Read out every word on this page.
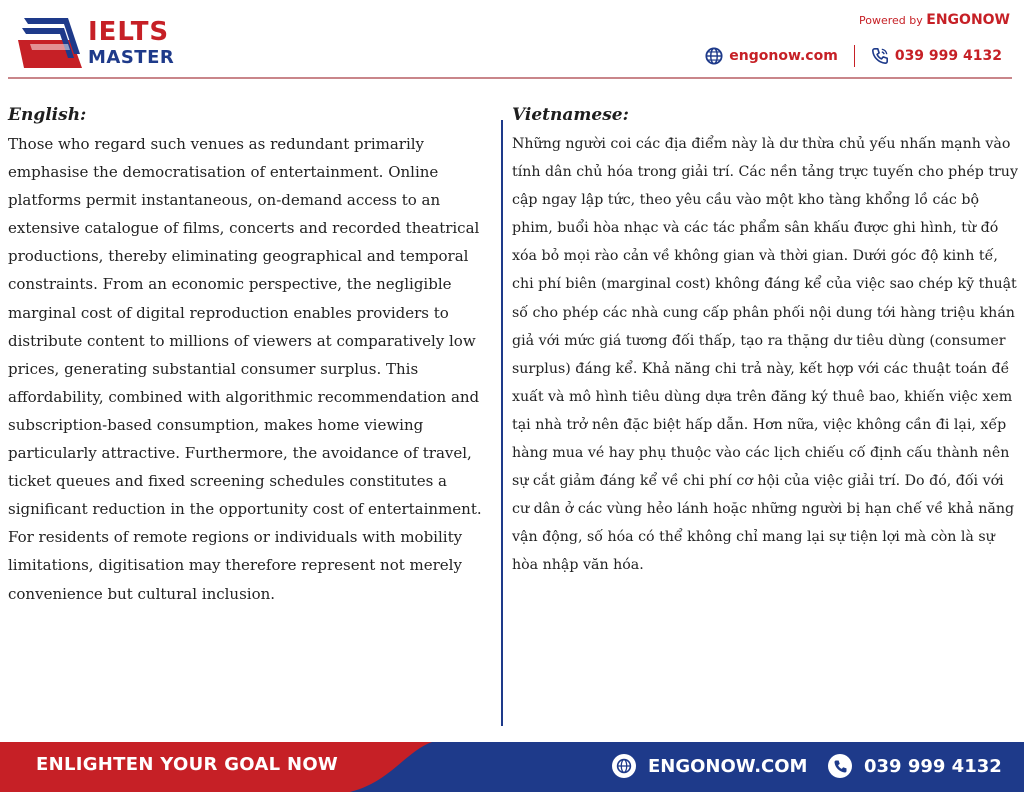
IELTS
MASTER
Powered by ENGONOW
engonow.com	039 999 4132
English:
Those who regard such venues as redundant primarily emphasise the democratisation of entertainment. Online platforms permit instantaneous, on-demand access to an extensive catalogue of films, concerts and recorded theatrical productions, thereby eliminating geographical and temporal constraints. From an economic perspective, the negligible marginal cost of digital reproduction enables providers to distribute content to millions of viewers at comparatively low prices, generating substantial consumer surplus. This affordability, combined with algorithmic recommendation and subscription-based consumption, makes home viewing particularly attractive. Furthermore, the avoidance of travel, ticket queues and fixed screening schedules constitutes a significant reduction in the opportunity cost of entertainment. For residents of remote regions or individuals with mobility limitations, digitisation may therefore represent not merely convenience but cultural inclusion.
Vietnamese:
Những người coi các địa điểm này là dư thừa chủ yếu nhấn mạnh vào tính dân chủ hóa trong giải trí. Các nền tảng trực tuyến cho phép truy cập ngay lập tức, theo yêu cầu vào một kho tàng khổng lồ các bộ phim, buổi hòa nhạc và các tác phẩm sân khấu được ghi hình, từ đó xóa bỏ mọi rào cản về không gian và thời gian. Dưới góc độ kinh tế, chi phí biên (marginal cost) không đáng kể của việc sao chép kỹ thuật số cho phép các nhà cung cấp phân phối nội dung tới hàng triệu khán giả với mức giá tương đối thấp, tạo ra thặng dư tiêu dùng (consumer surplus) đáng kể. Khả năng chi trả này, kết hợp với các thuật toán đề xuất và mô hình tiêu dùng dựa trên đăng ký thuê bao, khiến việc xem tại nhà trở nên đặc biệt hấp dẫn. Hơn nữa, việc không cần đi lại, xếp hàng mua vé hay phụ thuộc vào các lịch chiếu cố định cấu thành nên sự cắt giảm đáng kể về chi phí cơ hội của việc giải trí. Do đó, đối với cư dân ở các vùng hẻo lánh hoặc những người bị hạn chế về khả năng vận động, số hóa có thể không chỉ mang lại sự tiện lợi mà còn là sự hòa nhập văn hóa.
ENLIGHTEN YOUR GOAL NOW	ENGONOW.COM	039 999 4132
